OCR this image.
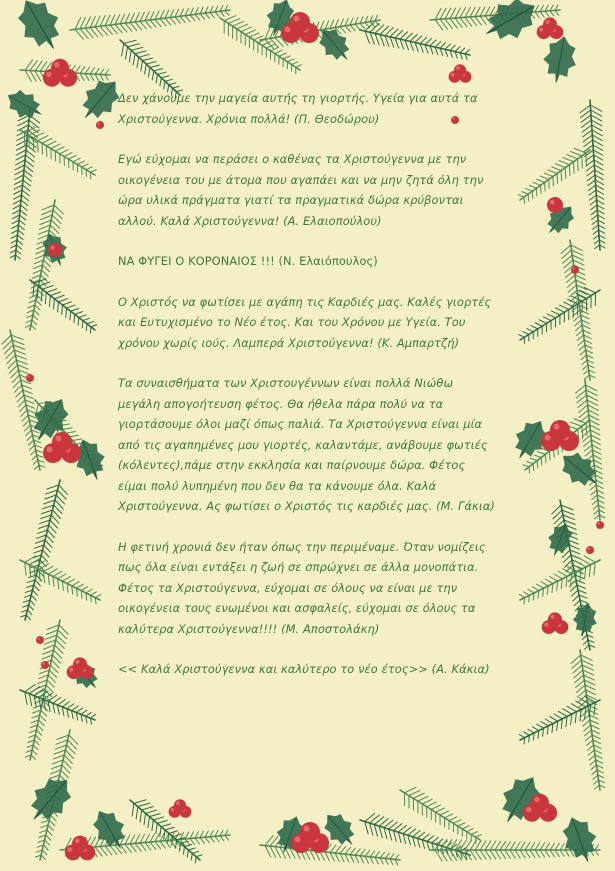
Δεν χάνουμε την μαγεία αυτής τη γιορτής. Υγεία για αυτά τα Χριστούγεννα. Χρόνια πολλά! (Π. Θεοδώρου)

Εγώ εύχομαι να περάσει ο καθένας τα Χριστούγεννα με την οικογένεια του με άτομα που αγαπάει και να μην ζητά όλη την ώρα υλικά πράγματα γιατί τα πραγματικά δώρα κρύβονται αλλού. Καλά Χριστούγεννα! (Α. Ελαιοπούλου)

ΝΑ ΦΥΓΕΙ Ο ΚΟΡΟΝΑΙΟΣ !!! (Ν. Ελαιόπουλος)

Ο Χριστός να φωτίσει με αγάπη τις Καρδιές μας. Καλές γιορτές και Ευτυχισμένο το Νέο έτος. Και του Χρόνου με Υγεία. Του χρόνου χωρίς ιούς. Λαμπερά Χριστούγεννα! (Κ. Αμπαρτζή)

Τα συναισθήματα των Χριστουγέννων είναι πολλά Νιώθω μεγάλη απογοήτευση φέτος. Θα ήθελα πάρα πολύ να τα γιορτάσουμε όλοι μαζί όπως παλιά. Τα Χριστούγεννα είναι μία από τις αγαπημένες μου γιορτές, καλαντάμε, ανάβουμε φωτιές (κόλεντες),πάμε στην εκκλησία και παίρνουμε δώρα. Φέτος είμαι πολύ λυπημένη που δεν θα τα κάνουμε όλα. Καλά Χριστούγεννα. Ας φωτίσει ο Χριστός τις καρδιές μας. (Μ. Γάκια)

Η φετινή χρονιά δεν ήταν όπως την περιμέναμε. Όταν νομίζεις πως όλα είναι εντάξει η ζωή σε σπρώχνει σε άλλα μονοπάτια. Φέτος τα Χριστούγεννα, εύχομαι σε όλους να είναι με την οικογένεια τους ενωμένοι και ασφαλείς, εύχομαι σε όλους τα καλύτερα Χριστούγεννα!!!! (Μ. Αποστολάκη)

<< Καλά Χριστούγεννα και καλύτερο το νέο έτος>> (Α. Κάκια)
